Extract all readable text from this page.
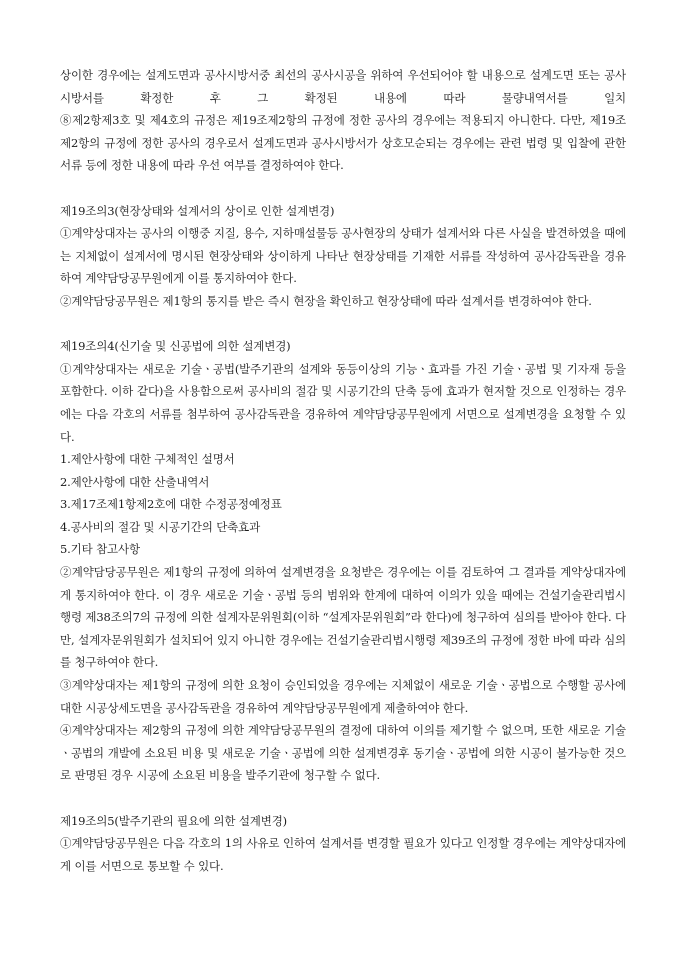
상이한 경우에는 설계도면과 공사시방서중 최선의 공사시공을 위하여 우선되어야 할 내용으로 설계도면 또는 공사시방서를 확정한 후 그 확정된 내용에 따라 물량내역서를 일치

⑧제2항제3호 및 제4호의 규정은 제19조제2항의 규정에 정한 공사의 경우에는 적용되지 아니한다. 다만, 제19조제2항의 규정에 정한 공사의 경우로서 설계도면과 공사시방서가 상호모순되는 경우에는 관련 법령 및 입찰에 관한 서류 등에 정한 내용에 따라 우선 여부를 결정하여야 한다.

제19조의3(현장상태와 설계서의 상이로 인한 설계변경)

①계약상대자는 공사의 이행중 지질, 용수, 지하매설물등 공사현장의 상태가 설계서와 다른 사실을 발견하였을 때에는 지체없이 설계서에 명시된 현장상태와 상이하게 나타난 현장상태를 기재한 서류를 작성하여 공사감독관을 경유하여 계약담당공무원에게 이를 통지하여야 한다.

②계약담당공무원은 제1항의 통지를 받은 즉시 현장을 확인하고 현장상태에 따라 설계서를 변경하여야 한다.

제19조의4(신기술 및 신공법에 의한 설계변경)

①계약상대자는 새로운 기술ㆍ공법(발주기관의 설계와 동등이상의 기능ㆍ효과를 가진 기술ㆍ공법 및 기자재 등을 포함한다. 이하 같다)을 사용함으로써 공사비의 절감 및 시공기간의 단축 등에 효과가 현저할 것으로 인정하는 경우에는 다음 각호의 서류를 첨부하여 공사감독관을 경유하여 계약담당공무원에게 서면으로 설계변경을 요청할 수 있다.

1.제안사항에 대한 구체적인 설명서

2.제안사항에 대한 산출내역서

3.제17조제1항제2호에 대한 수정공정예정표

4.공사비의 절감 및 시공기간의 단축효과

5.기타 참고사항

②계약담당공무원은 제1항의 규정에 의하여 설계변경을 요청받은 경우에는 이를 검토하여 그 결과를 계약상대자에게 통지하여야 한다. 이 경우 새로운 기술ㆍ공법 등의 범위와 한계에 대하여 이의가 있을 때에는 건설기술관리법시행령 제38조의7의 규정에 의한 설계자문위원회(이하 “설계자문위원회”라 한다)에 청구하여 심의를 받아야 한다. 다만, 설계자문위원회가 설치되어 있지 아니한 경우에는 건설기술관리법시행령 제39조의 규정에 정한 바에 따라 심의를 청구하여야 한다.

③계약상대자는 제1항의 규정에 의한 요청이 승인되었을 경우에는 지체없이 새로운 기술ㆍ공법으로 수행할 공사에 대한 시공상세도면을 공사감독관을 경유하여 계약담당공무원에게 제출하여야 한다.

④계약상대자는 제2항의 규정에 의한 계약담당공무원의 결정에 대하여 이의를 제기할 수 없으며, 또한 새로운 기술ㆍ공법의 개발에 소요된 비용 및 새로운 기술ㆍ공법에 의한 설계변경후 동기술ㆍ공법에 의한 시공이 불가능한 것으로 판명된 경우 시공에 소요된 비용을 발주기관에 청구할 수 없다.

제19조의5(발주기관의 필요에 의한 설계변경)

①계약담당공무원은 다음 각호의 1의 사유로 인하여 설계서를 변경할 필요가 있다고 인정할 경우에는 계약상대자에게 이를 서면으로 통보할 수 있다.
